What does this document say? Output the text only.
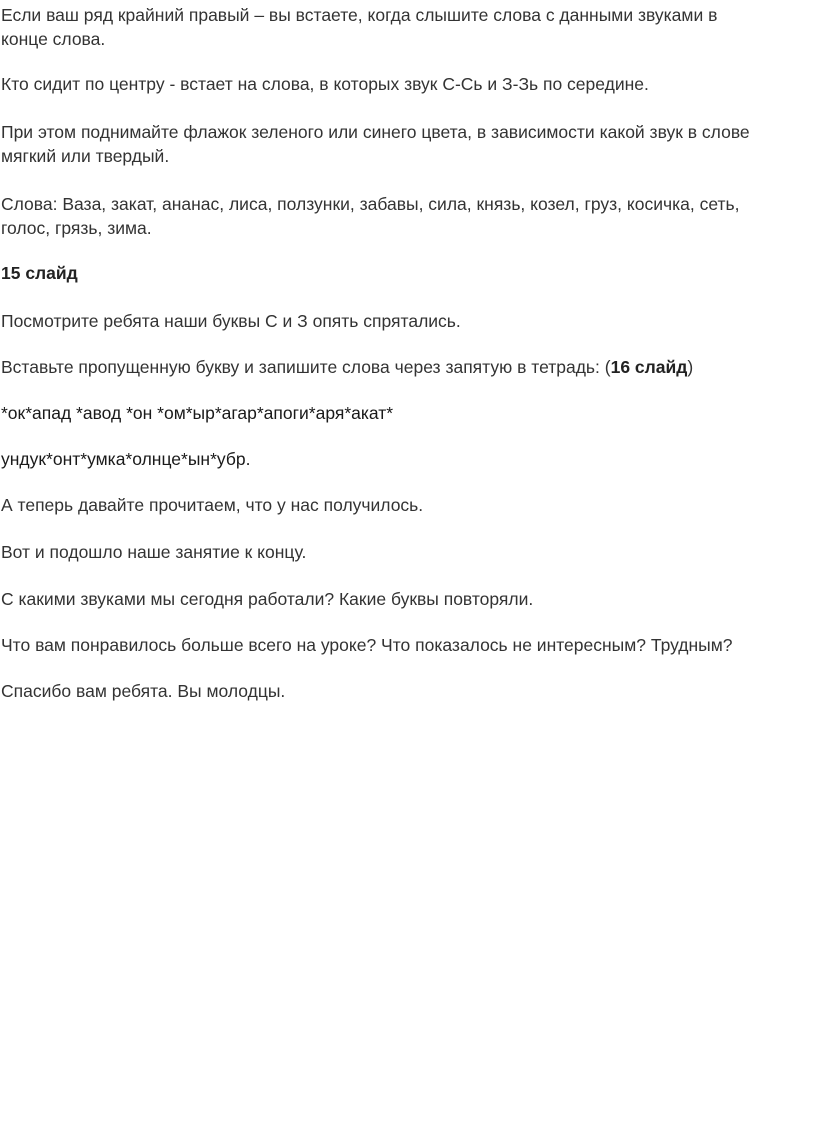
Если ваш ряд крайний правый – вы встаете, когда слышите слова с данными звуками в
конце слова.

Кто сидит по центру - встает на слова, в которых звук С-Сь и З-Зь по середине.

При этом поднимайте флажок зеленого или синего цвета, в зависимости какой звук в слове
мягкий или твердый.

Слова: Ваза, закат, ананас, лиса, ползунки, забавы, сила, князь, козел, груз, косичка, сеть,
голос, грязь, зима.

15 слайд

Посмотрите ребята наши буквы С и З опять спрятались.

Вставьте пропущенную букву и запишите слова через запятую в тетрадь: (16 слайд)

*ок*апад *авод *он *ом*ыр*агар*апоги*аря*акат*

ундук*онт*умка*олнце*ын*убр.

А теперь давайте прочитаем, что у нас получилось.

Вот и подошло наше занятие к концу.

С какими звуками мы сегодня работали? Какие буквы повторяли.

Что вам понравилось больше всего на уроке? Что показалось не интересным? Трудным?

Спасибо вам ребята. Вы молодцы.
